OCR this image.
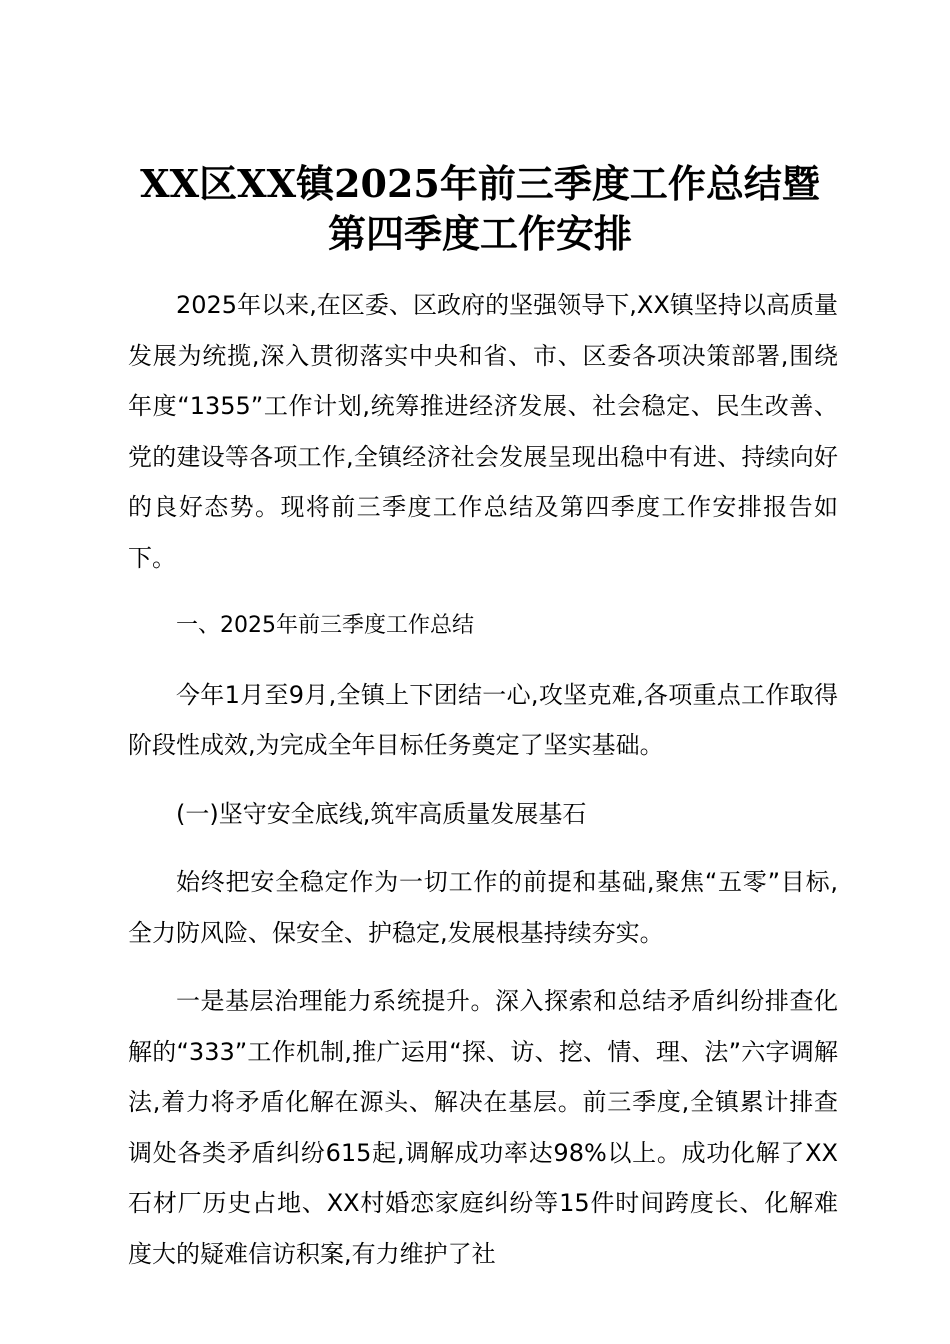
XX区XX镇2025年前三季度工作总结暨
第四季度工作安排

2025年以来,在区委、区政府的坚强领导下,XX镇坚持以高质量发展为统揽,深入贯彻落实中央和省、市、区委各项决策部署,围绕年度“1355”工作计划,统筹推进经济发展、社会稳定、民生改善、党的建设等各项工作,全镇经济社会发展呈现出稳中有进、持续向好的良好态势。现将前三季度工作总结及第四季度工作安排报告如下。

一、2025年前三季度工作总结

今年1月至9月,全镇上下团结一心,攻坚克难,各项重点工作取得阶段性成效,为完成全年目标任务奠定了坚实基础。

(一)坚守安全底线,筑牢高质量发展基石

始终把安全稳定作为一切工作的前提和基础,聚焦“五零”目标,全力防风险、保安全、护稳定,发展根基持续夯实。

一是基层治理能力系统提升。深入探索和总结矛盾纠纷排查化解的“333”工作机制,推广运用“探、访、挖、情、理、法”六字调解法,着力将矛盾化解在源头、解决在基层。前三季度,全镇累计排查调处各类矛盾纠纷615起,调解成功率达98%以上。成功化解了XX石材厂历史占地、XX村婚恋家庭纠纷等15件时间跨度长、化解难度大的疑难信访积案,有力维护了社
